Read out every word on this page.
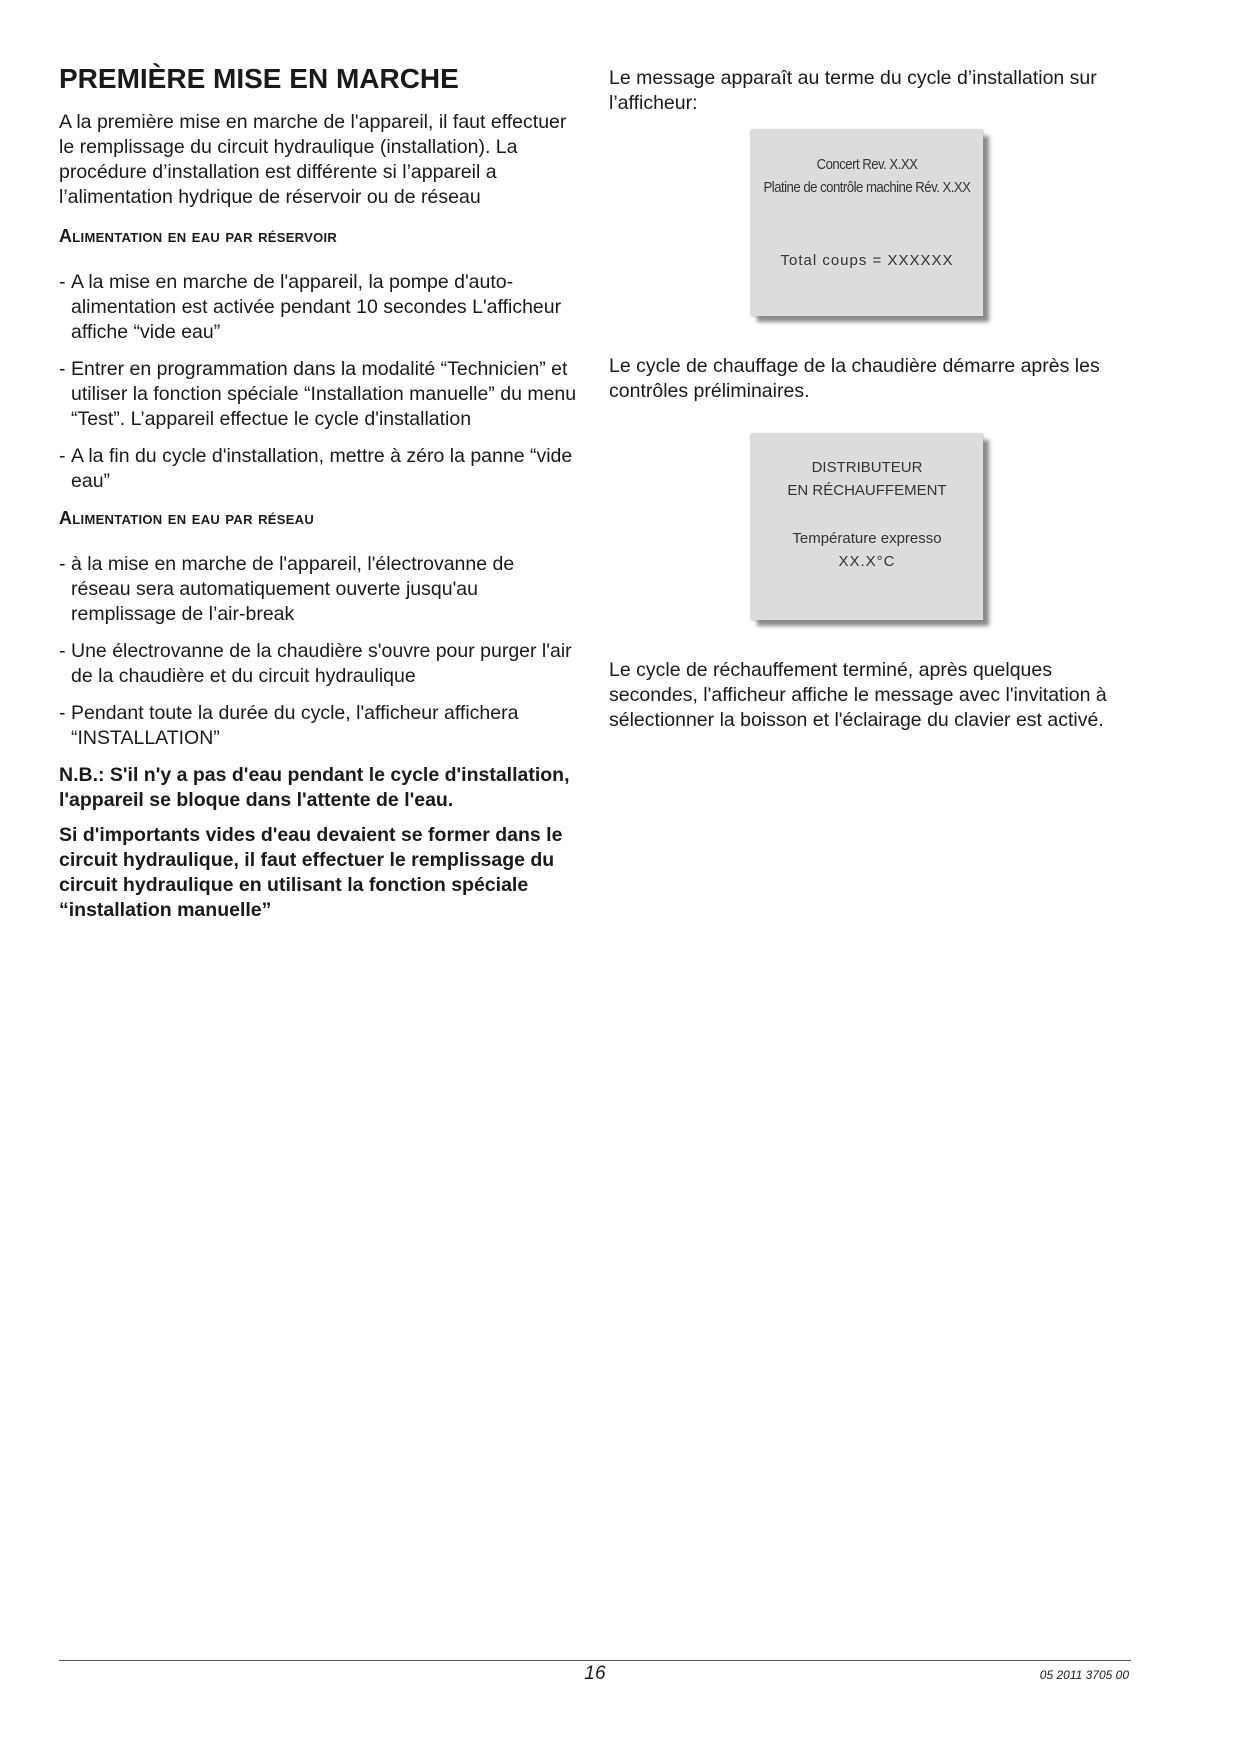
PREMIÈRE MISE EN MARCHE

A la première mise en marche de l'appareil, il faut effectuer le remplissage du circuit hydraulique (installation). La procédure d’installation est différente si l’appareil a l’alimentation hydrique de réservoir ou de réseau

Alimentation en eau par réservoir
- A la mise en marche de l'appareil, la pompe d'auto-alimentation est activée pendant 10 secondes L'afficheur affiche “vide eau”
- Entrer en programmation dans la modalité “Technicien” et utiliser la fonction spéciale “Installation manuelle” du menu “Test”. L’appareil effectue le cycle d'installation
- A la fin du cycle d'installation, mettre à zéro la panne “vide eau”
Alimentation en eau par réseau
- à la mise en marche de l'appareil, l'électrovanne de réseau sera automatiquement ouverte jusqu'au remplissage de l’air-break
- Une électrovanne de la chaudière s'ouvre pour purger l'air de la chaudière et du circuit hydraulique
- Pendant toute la durée du cycle, l'afficheur affichera “INSTALLATION”

N.B.: S'il n'y a pas d'eau pendant le cycle d'installation, l'appareil se bloque dans l'attente de l'eau.

Si d'importants vides d'eau devaient se former dans le circuit hydraulique, il faut effectuer le remplissage du circuit hydraulique en utilisant la fonction spéciale “installation manuelle”

Le message apparaît au terme du cycle d’installation sur l’afficheur:

Concert Rev. X.XX
Platine de contrôle machine Rév. X.XX
Total coups = XXXXXX

Le cycle de chauffage de la chaudière démarre après les contrôles préliminaires.

DISTRIBUTEUR
EN RÉCHAUFFEMENT
Température expresso
XX.X°C

Le cycle de réchauffement terminé, après quelques secondes, l'afficheur affiche le message avec l'invitation à sélectionner la boisson et l'éclairage du clavier est activé.

16	05 2011 3705 00
